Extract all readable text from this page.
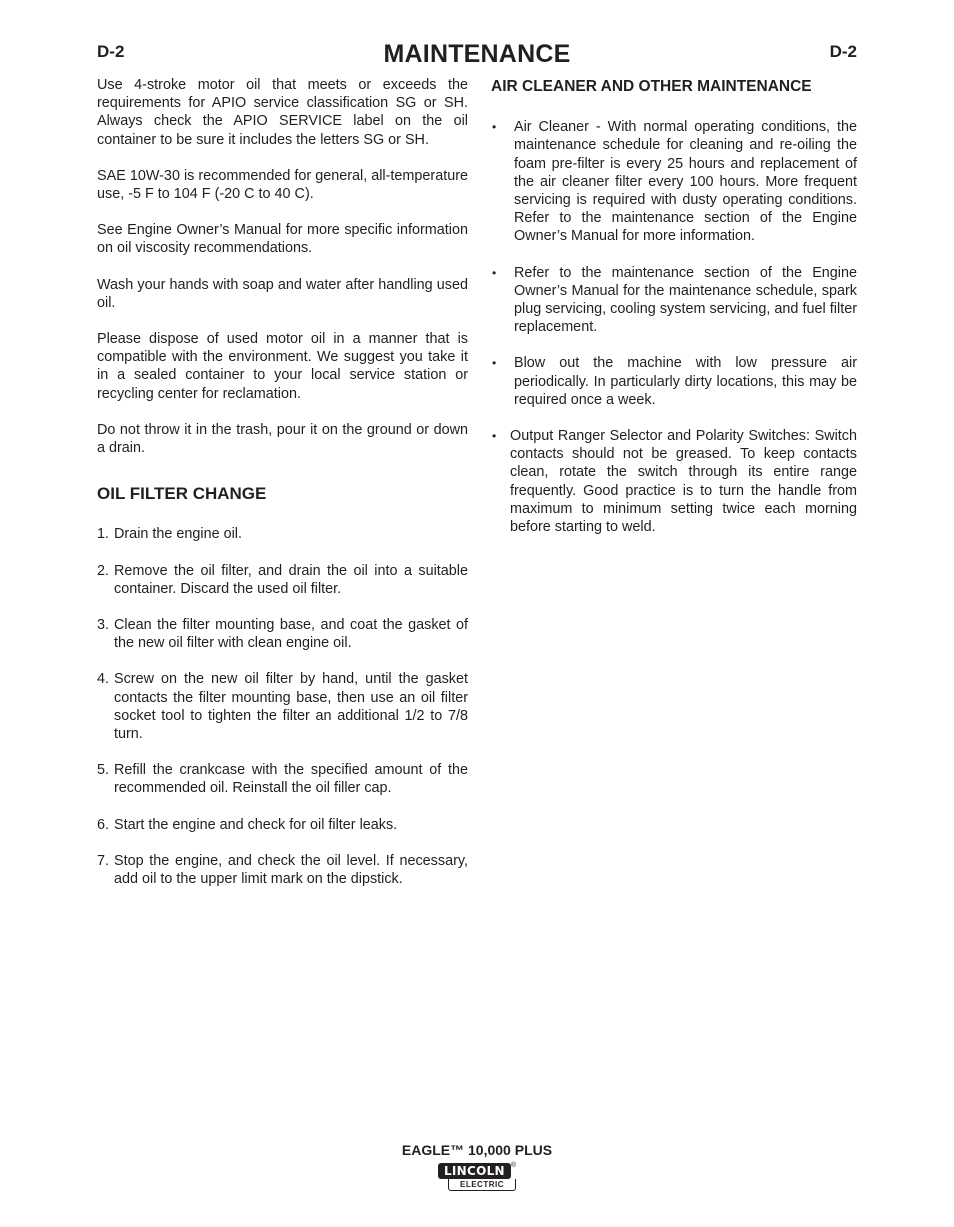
D-2	MAINTENANCE	D-2

Use 4-stroke motor oil that meets or exceeds the requirements for APIO service classification SG or SH. Always check the APIO SERVICE label on the oil container to be sure it includes the letters SG or SH.

SAE 10W-30 is recommended for general, all-temperature use, -5 F to 104 F (-20 C to 40 C).

See Engine Owner’s Manual for more specific information on oil viscosity recommendations.

Wash your hands with soap and water after handling used oil.

Please dispose of used motor oil in a manner that is compatible with the environment. We suggest you take it in a sealed container to your local service station or recycling center for reclamation.

Do not throw it in the trash, pour it on the ground or down a drain.

OIL FILTER CHANGE
1. Drain the engine oil.
2. Remove the oil filter, and drain the oil into a suitable container. Discard the used oil filter.
3. Clean the filter mounting base, and coat the gasket of the new oil filter with clean engine oil.
4. Screw on the new oil filter by hand, until the gasket contacts the filter mounting base, then use an oil filter socket tool to tighten the filter an additional 1/2 to 7/8 turn.
5. Refill the crankcase with the specified amount of the recommended oil. Reinstall the oil filler cap.
6. Start the engine and check for oil filter leaks.
7. Stop the engine, and check the oil level. If necessary, add oil to the upper limit mark on the dipstick.
AIR CLEANER AND OTHER MAINTENANCE
•	Air Cleaner - With normal operating conditions, the maintenance schedule for cleaning and re-oiling the foam pre-filter is every 25 hours and replacement of the air cleaner filter every 100 hours. More frequent servicing is required with dusty operating conditions. Refer to the maintenance section of the Engine Owner’s Manual for more information.
•	Refer to the maintenance section of the Engine Owner’s Manual for the maintenance schedule, spark plug servicing, cooling system servicing, and fuel filter replacement.
•	Blow out the machine with low pressure air periodically. In particularly dirty locations, this may be required once a week.
• Output Ranger Selector and Polarity Switches: Switch contacts should not be greased. To keep contacts clean, rotate the switch through its entire range frequently. Good practice is to turn the handle from maximum to minimum setting twice each morning before starting to weld.
EAGLE™ 10,000 PLUS
LINCOLN ®
ELECTRIC
